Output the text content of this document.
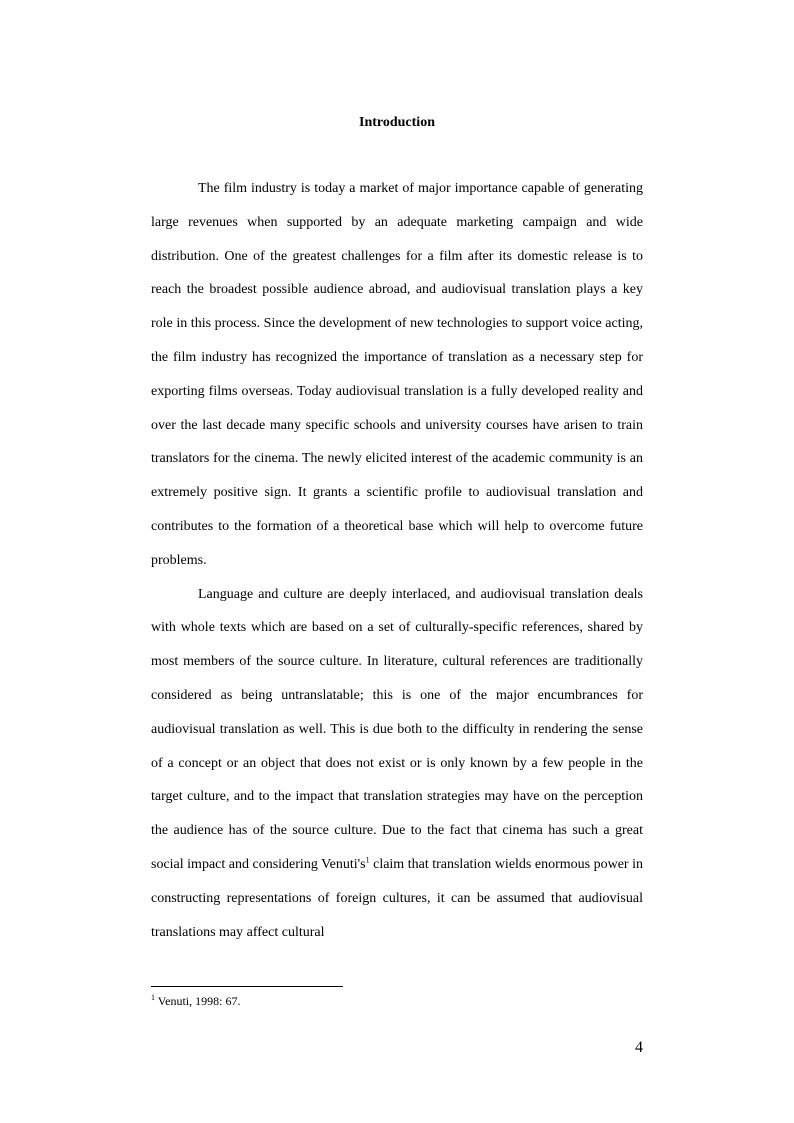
Introduction

The film industry is today a market of major importance capable of generating large revenues when supported by an adequate marketing campaign and wide distribution. One of the greatest challenges for a film after its domestic release is to reach the broadest possible audience abroad, and audiovisual translation plays a key role in this process. Since the development of new technologies to support voice acting, the film industry has recognized the importance of translation as a necessary step for exporting films overseas. Today audiovisual translation is a fully developed reality and over the last decade many specific schools and university courses have arisen to train translators for the cinema. The newly elicited interest of the academic community is an extremely positive sign. It grants a scientific profile to audiovisual translation and contributes to the formation of a theoretical base which will help to overcome future problems.

Language and culture are deeply interlaced, and audiovisual translation deals with whole texts which are based on a set of culturally-specific references, shared by most members of the source culture. In literature, cultural references are traditionally considered as being untranslatable; this is one of the major encumbrances for audiovisual translation as well. This is due both to the difficulty in rendering the sense of a concept or an object that does not exist or is only known by a few people in the target culture, and to the impact that translation strategies may have on the perception the audience has of the source culture. Due to the fact that cinema has such a great social impact and considering $Venuti's^1$ claim that translation wields enormous power in constructing representations of foreign cultures, it can be assumed that audiovisual translations may affect cultural

$^1$ Venuti, 1998: 67.
4
